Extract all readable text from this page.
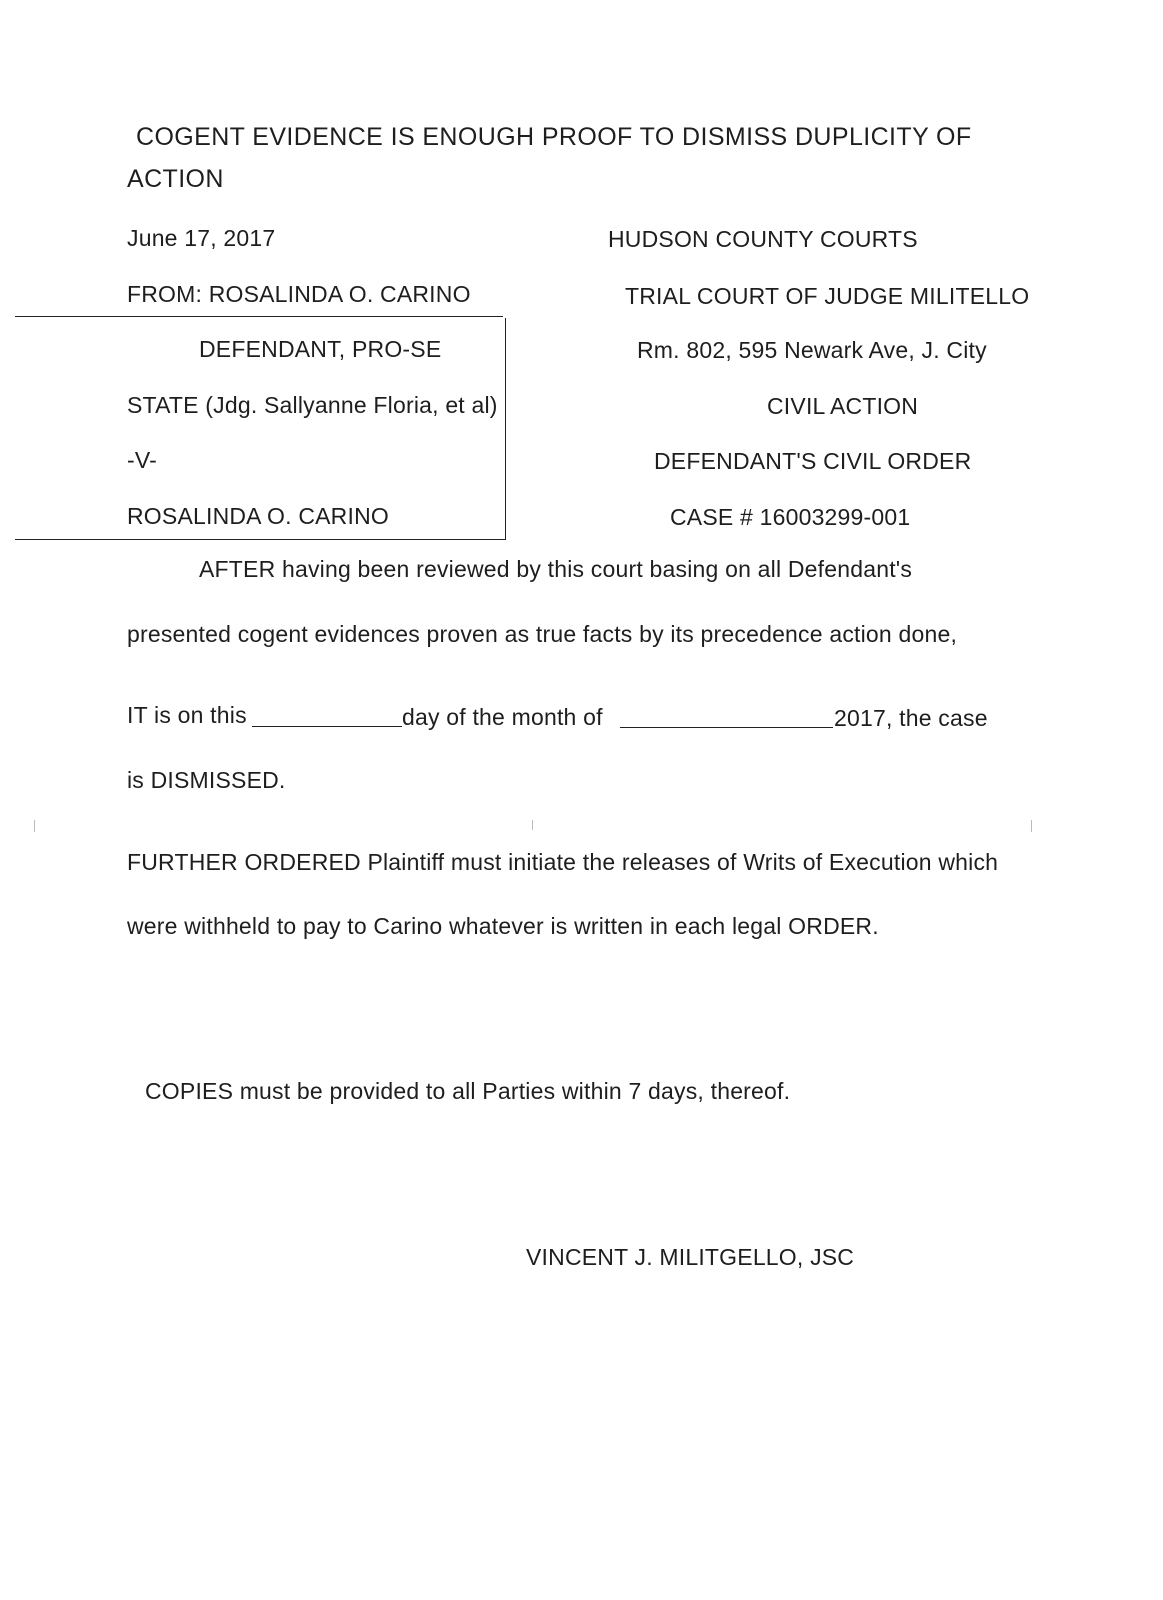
COGENT EVIDENCE IS ENOUGH PROOF TO DISMISS DUPLICITY OF
ACTION
June 17, 2017
FROM: ROSALINDA O. CARINO
DEFENDANT, PRO-SE
STATE (Jdg. Sallyanne Floria, et al)
-V-
ROSALINDA O. CARINO
HUDSON COUNTY COURTS
TRIAL COURT OF JUDGE MILITELLO
Rm. 802, 595 Newark Ave, J. City
CIVIL ACTION
DEFENDANT'S CIVIL ORDER
CASE # 16003299-001
AFTER having been reviewed by this court basing on all Defendant's
presented cogent evidences proven as true facts by its precedence action done,
IT is on this	day of the month of	2017, the case
is DISMISSED.
FURTHER ORDERED Plaintiff must initiate the releases of Writs of Execution which
were withheld to pay to Carino whatever is written in each legal ORDER.
COPIES must be provided to all Parties within 7 days, thereof.
VINCENT J. MILITGELLO, JSC
